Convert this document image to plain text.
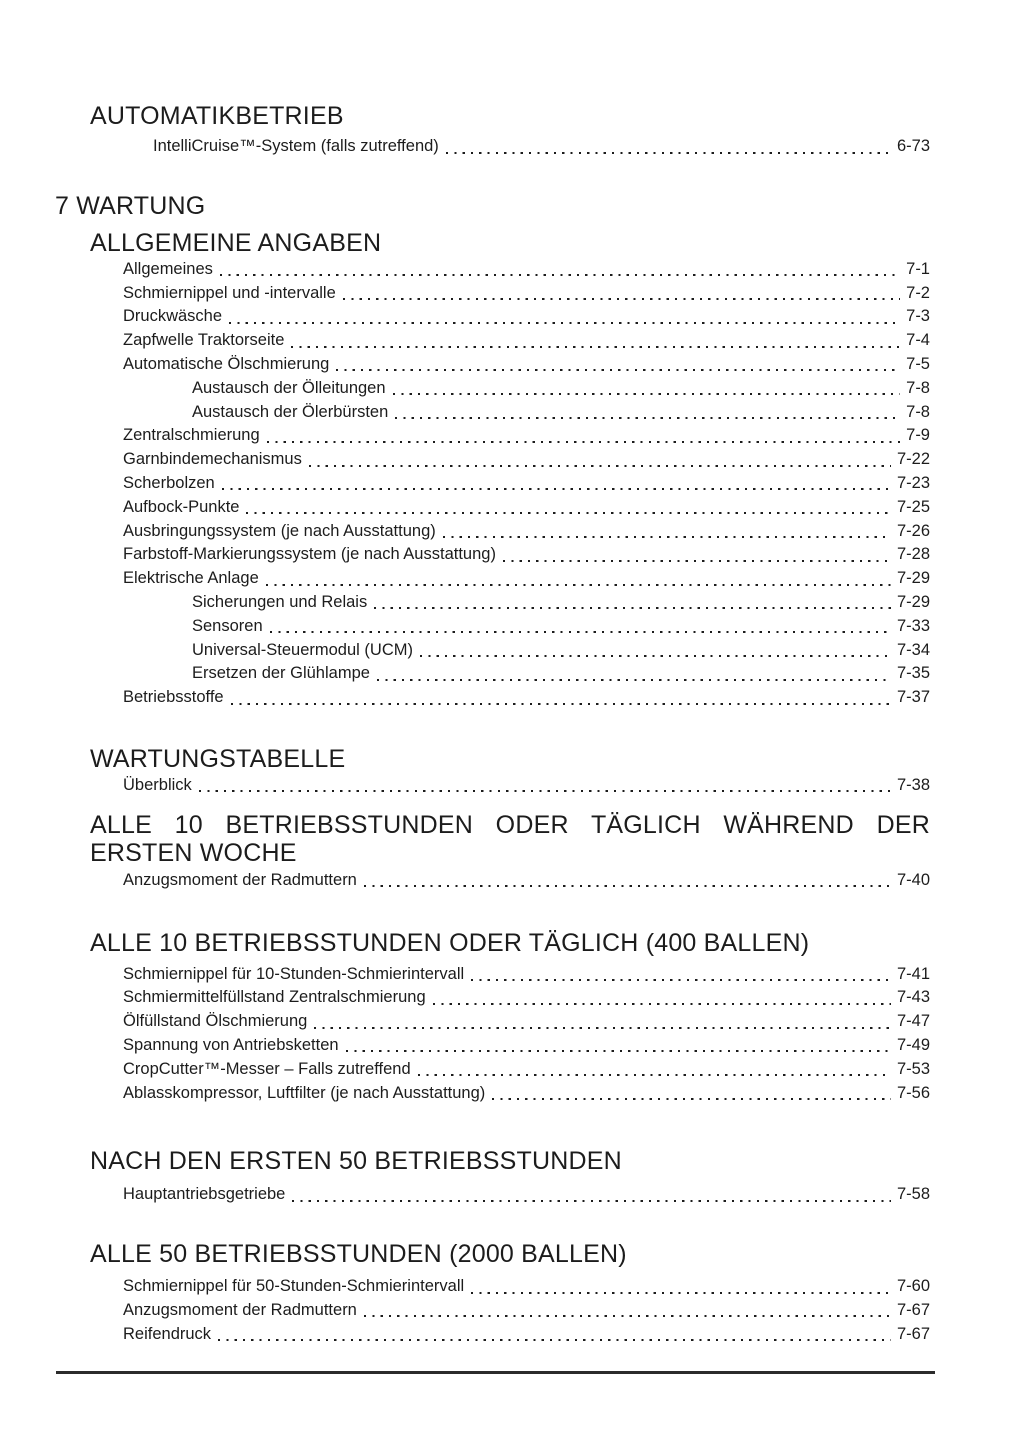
AUTOMATIKBETRIEB
IntelliCruise™-System (falls zutreffend)	6-73
7 WARTUNG
ALLGEMEINE ANGABEN
Allgemeines	7-1
Schmiernippel und -intervalle	7-2
Druckwäsche	7-3
Zapfwelle Traktorseite	7-4
Automatische Ölschmierung	7-5
Austausch der Ölleitungen	7-8
Austausch der Ölerbürsten	7-8
Zentralschmierung	7-9
Garnbindemechanismus	7-22
Scherbolzen	7-23
Aufbock-Punkte	7-25
Ausbringungssystem (je nach Ausstattung)	7-26
Farbstoff-Markierungssystem (je nach Ausstattung)	7-28
Elektrische Anlage	7-29
Sicherungen und Relais	7-29
Sensoren	7-33
Universal-Steuermodul (UCM)	7-34
Ersetzen der Glühlampe	7-35
Betriebsstoffe	7-37
WARTUNGSTABELLE
Überblick	7-38
ALLE 10 BETRIEBSSTUNDEN ODER TÄGLICH WÄHREND DER
ERSTEN WOCHE
Anzugsmoment der Radmuttern	7-40
ALLE 10 BETRIEBSSTUNDEN ODER TÄGLICH (400 BALLEN)
Schmiernippel für 10-Stunden-Schmierintervall	7-41
Schmiermittelfüllstand Zentralschmierung	7-43
Ölfüllstand Ölschmierung	7-47
Spannung von Antriebsketten	7-49
CropCutter™-Messer – Falls zutreffend	7-53
Ablasskompressor, Luftfilter (je nach Ausstattung)	7-56
NACH DEN ERSTEN 50 BETRIEBSSTUNDEN
Hauptantriebsgetriebe	7-58
ALLE 50 BETRIEBSSTUNDEN (2000 BALLEN)
Schmiernippel für 50-Stunden-Schmierintervall	7-60
Anzugsmoment der Radmuttern	7-67
Reifendruck	7-67
